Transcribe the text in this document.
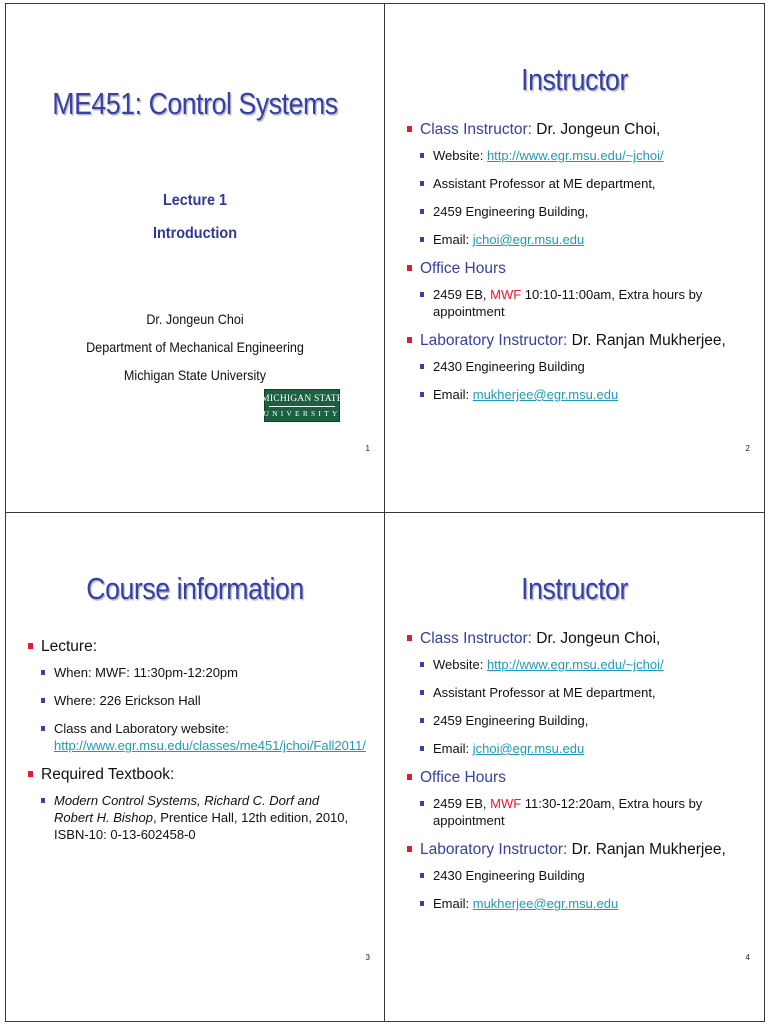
ME451: Control Systems
Lecture 1
Introduction
Dr. Jongeun Choi
Department of Mechanical Engineering
Michigan State University
MICHIGAN STATE
UNIVERSITY
1
Instructor
Class Instructor: Dr. Jongeun Choi,
Website: http://www.egr.msu.edu/~jchoi/
Assistant Professor at ME department,
2459 Engineering Building,
Email: jchoi@egr.msu.edu
Office Hours
2459 EB, MWF 10:10-11:00am, Extra hours by appointment
Laboratory Instructor: Dr. Ranjan Mukherjee,
2430 Engineering Building
Email: mukherjee@egr.msu.edu
2
Course information
Lecture:
When: MWF: 11:30pm-12:20pm
Where: 226 Erickson Hall
Class and Laboratory website:
http://www.egr.msu.edu/classes/me451/jchoi/Fall2011/
Required Textbook:
Modern Control Systems, Richard C. Dorf and Robert H. Bishop, Prentice Hall, 12th edition, 2010, ISBN-10: 0-13-602458-0
3
Instructor
Class Instructor: Dr. Jongeun Choi,
Website: http://www.egr.msu.edu/~jchoi/
Assistant Professor at ME department,
2459 Engineering Building,
Email: jchoi@egr.msu.edu
Office Hours
2459 EB, MWF 11:30-12:20am, Extra hours by appointment
Laboratory Instructor: Dr. Ranjan Mukherjee,
2430 Engineering Building
Email: mukherjee@egr.msu.edu
4
